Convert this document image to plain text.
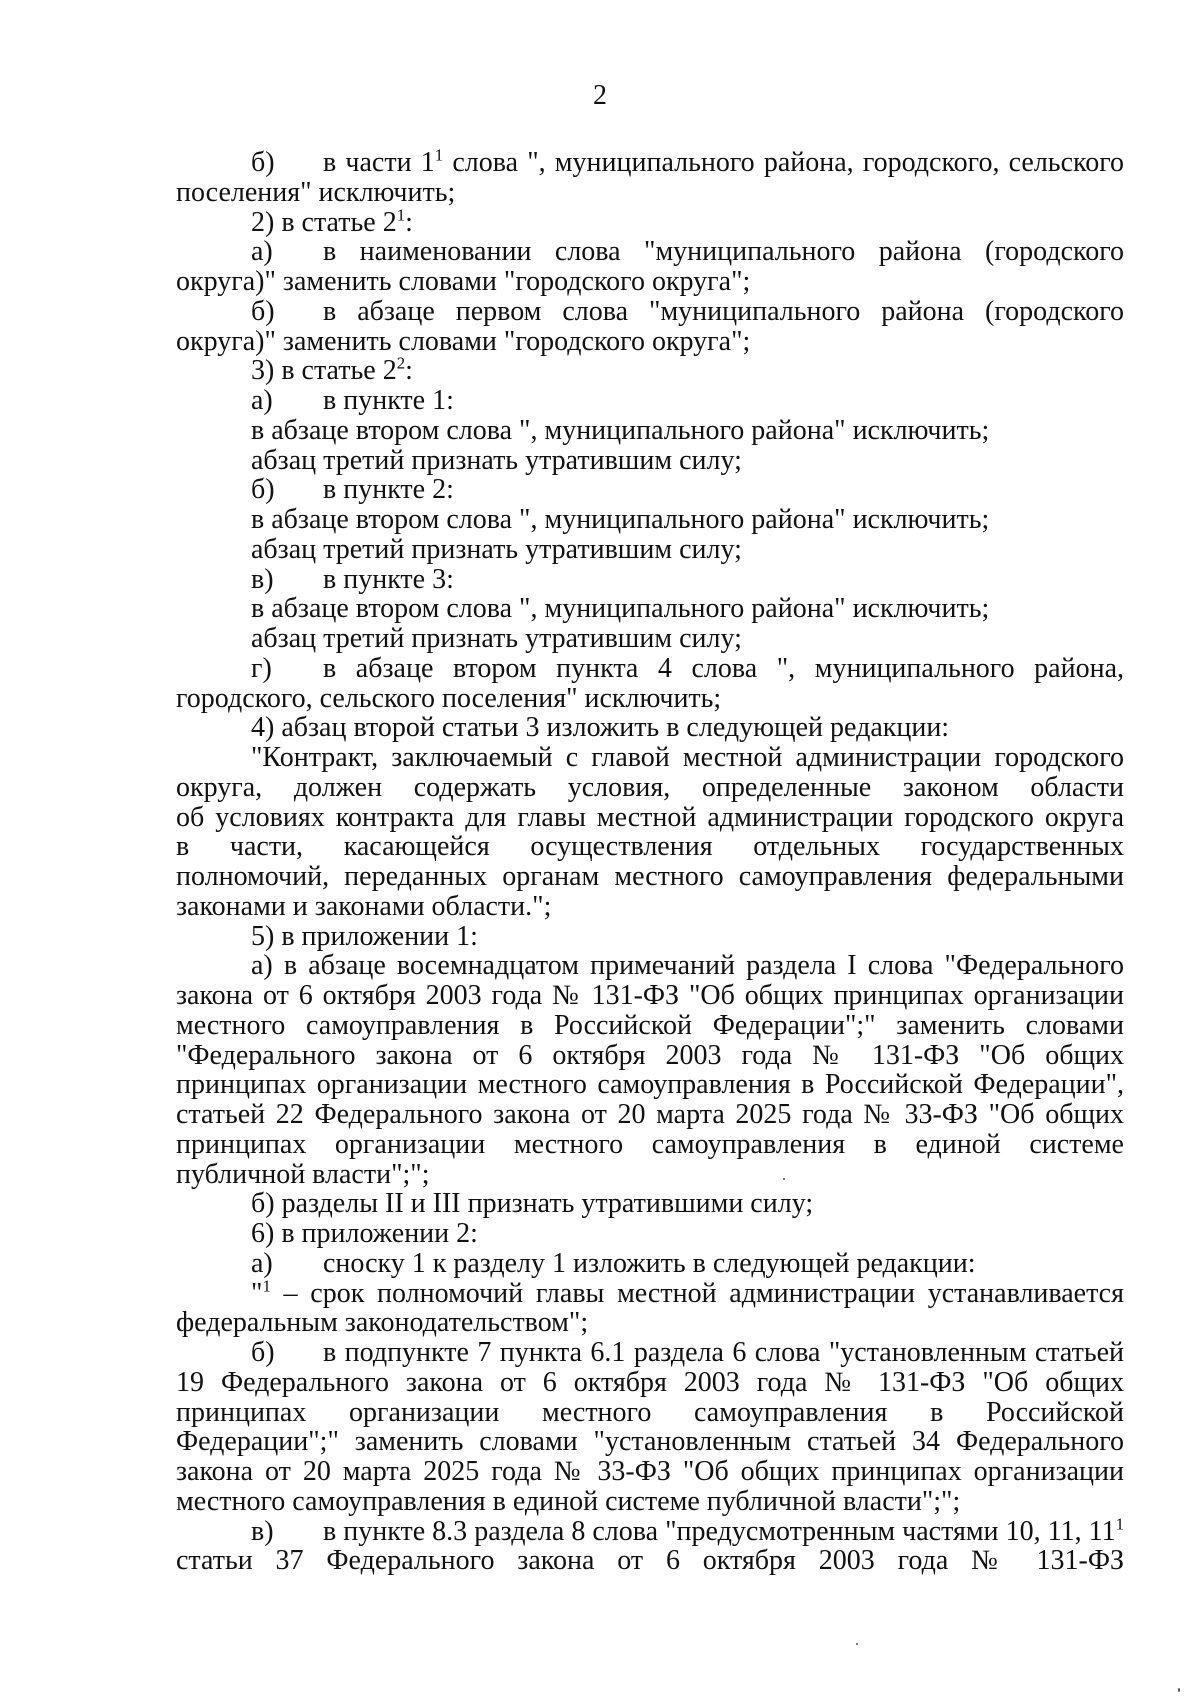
2
б) в части $1^1$ слова ", муниципального района, городского, сельского
поселения" исключить;
2) в статье $2^1$:
а) в наименовании слова "муниципального района (городского
округа)" заменить словами "городского округа";
б) в абзаце первом слова "муниципального района (городского
округа)" заменить словами "городского округа";
3) в статье $2^2$:
а) в пункте 1:
в абзаце втором слова ", муниципального района" исключить;
абзац третий признать утратившим силу;
б) в пункте 2:
в абзаце втором слова ", муниципального района" исключить;
абзац третий признать утратившим силу;
в) в пункте 3:
в абзаце втором слова ", муниципального района" исключить;
абзац третий признать утратившим силу;
г) в абзаце втором пункта 4 слова ", муниципального района,
городского, сельского поселения" исключить;
4) абзац второй статьи 3 изложить в следующей редакции:
"Контракт, заключаемый с главой местной администрации городского
округа, должен содержать условия, определенные законом области
об условиях контракта для главы местной администрации городского округа
в части, касающейся осуществления отдельных государственных
полномочий, переданных органам местного самоуправления федеральными
законами и законами области.";
5) в приложении 1:
а) в абзаце восемнадцатом примечаний раздела I слова "Федерального
закона от 6 октября 2003 года № 131-ФЗ "Об общих принципах организации
местного самоуправления в Российской Федерации";" заменить словами
"Федерального закона от 6 октября 2003 года № 131-ФЗ "Об общих
принципах организации местного самоуправления в Российской Федерации",
статьей 22 Федерального закона от 20 марта 2025 года № 33-ФЗ "Об общих
принципах организации местного самоуправления в единой системе
публичной власти";";
б) разделы II и III признать утратившими силу;
6) в приложении 2:
а) сноску 1 к разделу 1 изложить в следующей редакции:
"$^1$ – срок полномочий главы местной администрации устанавливается
федеральным законодательством";
б) в подпункте 7 пункта 6.1 раздела 6 слова "установленным статьей
19 Федерального закона от 6 октября 2003 года № 131-ФЗ "Об общих
принципах организации местного самоуправления в Российской
Федерации";" заменить словами "установленным статьей 34 Федерального
закона от 20 марта 2025 года № 33-ФЗ "Об общих принципах организации
местного самоуправления в единой системе публичной власти";";
в) в пункте 8.3 раздела 8 слова "предусмотренным частями 10, 11, $11^1$
статьи 37 Федерального закона от 6 октября 2003 года № 131-ФЗ
